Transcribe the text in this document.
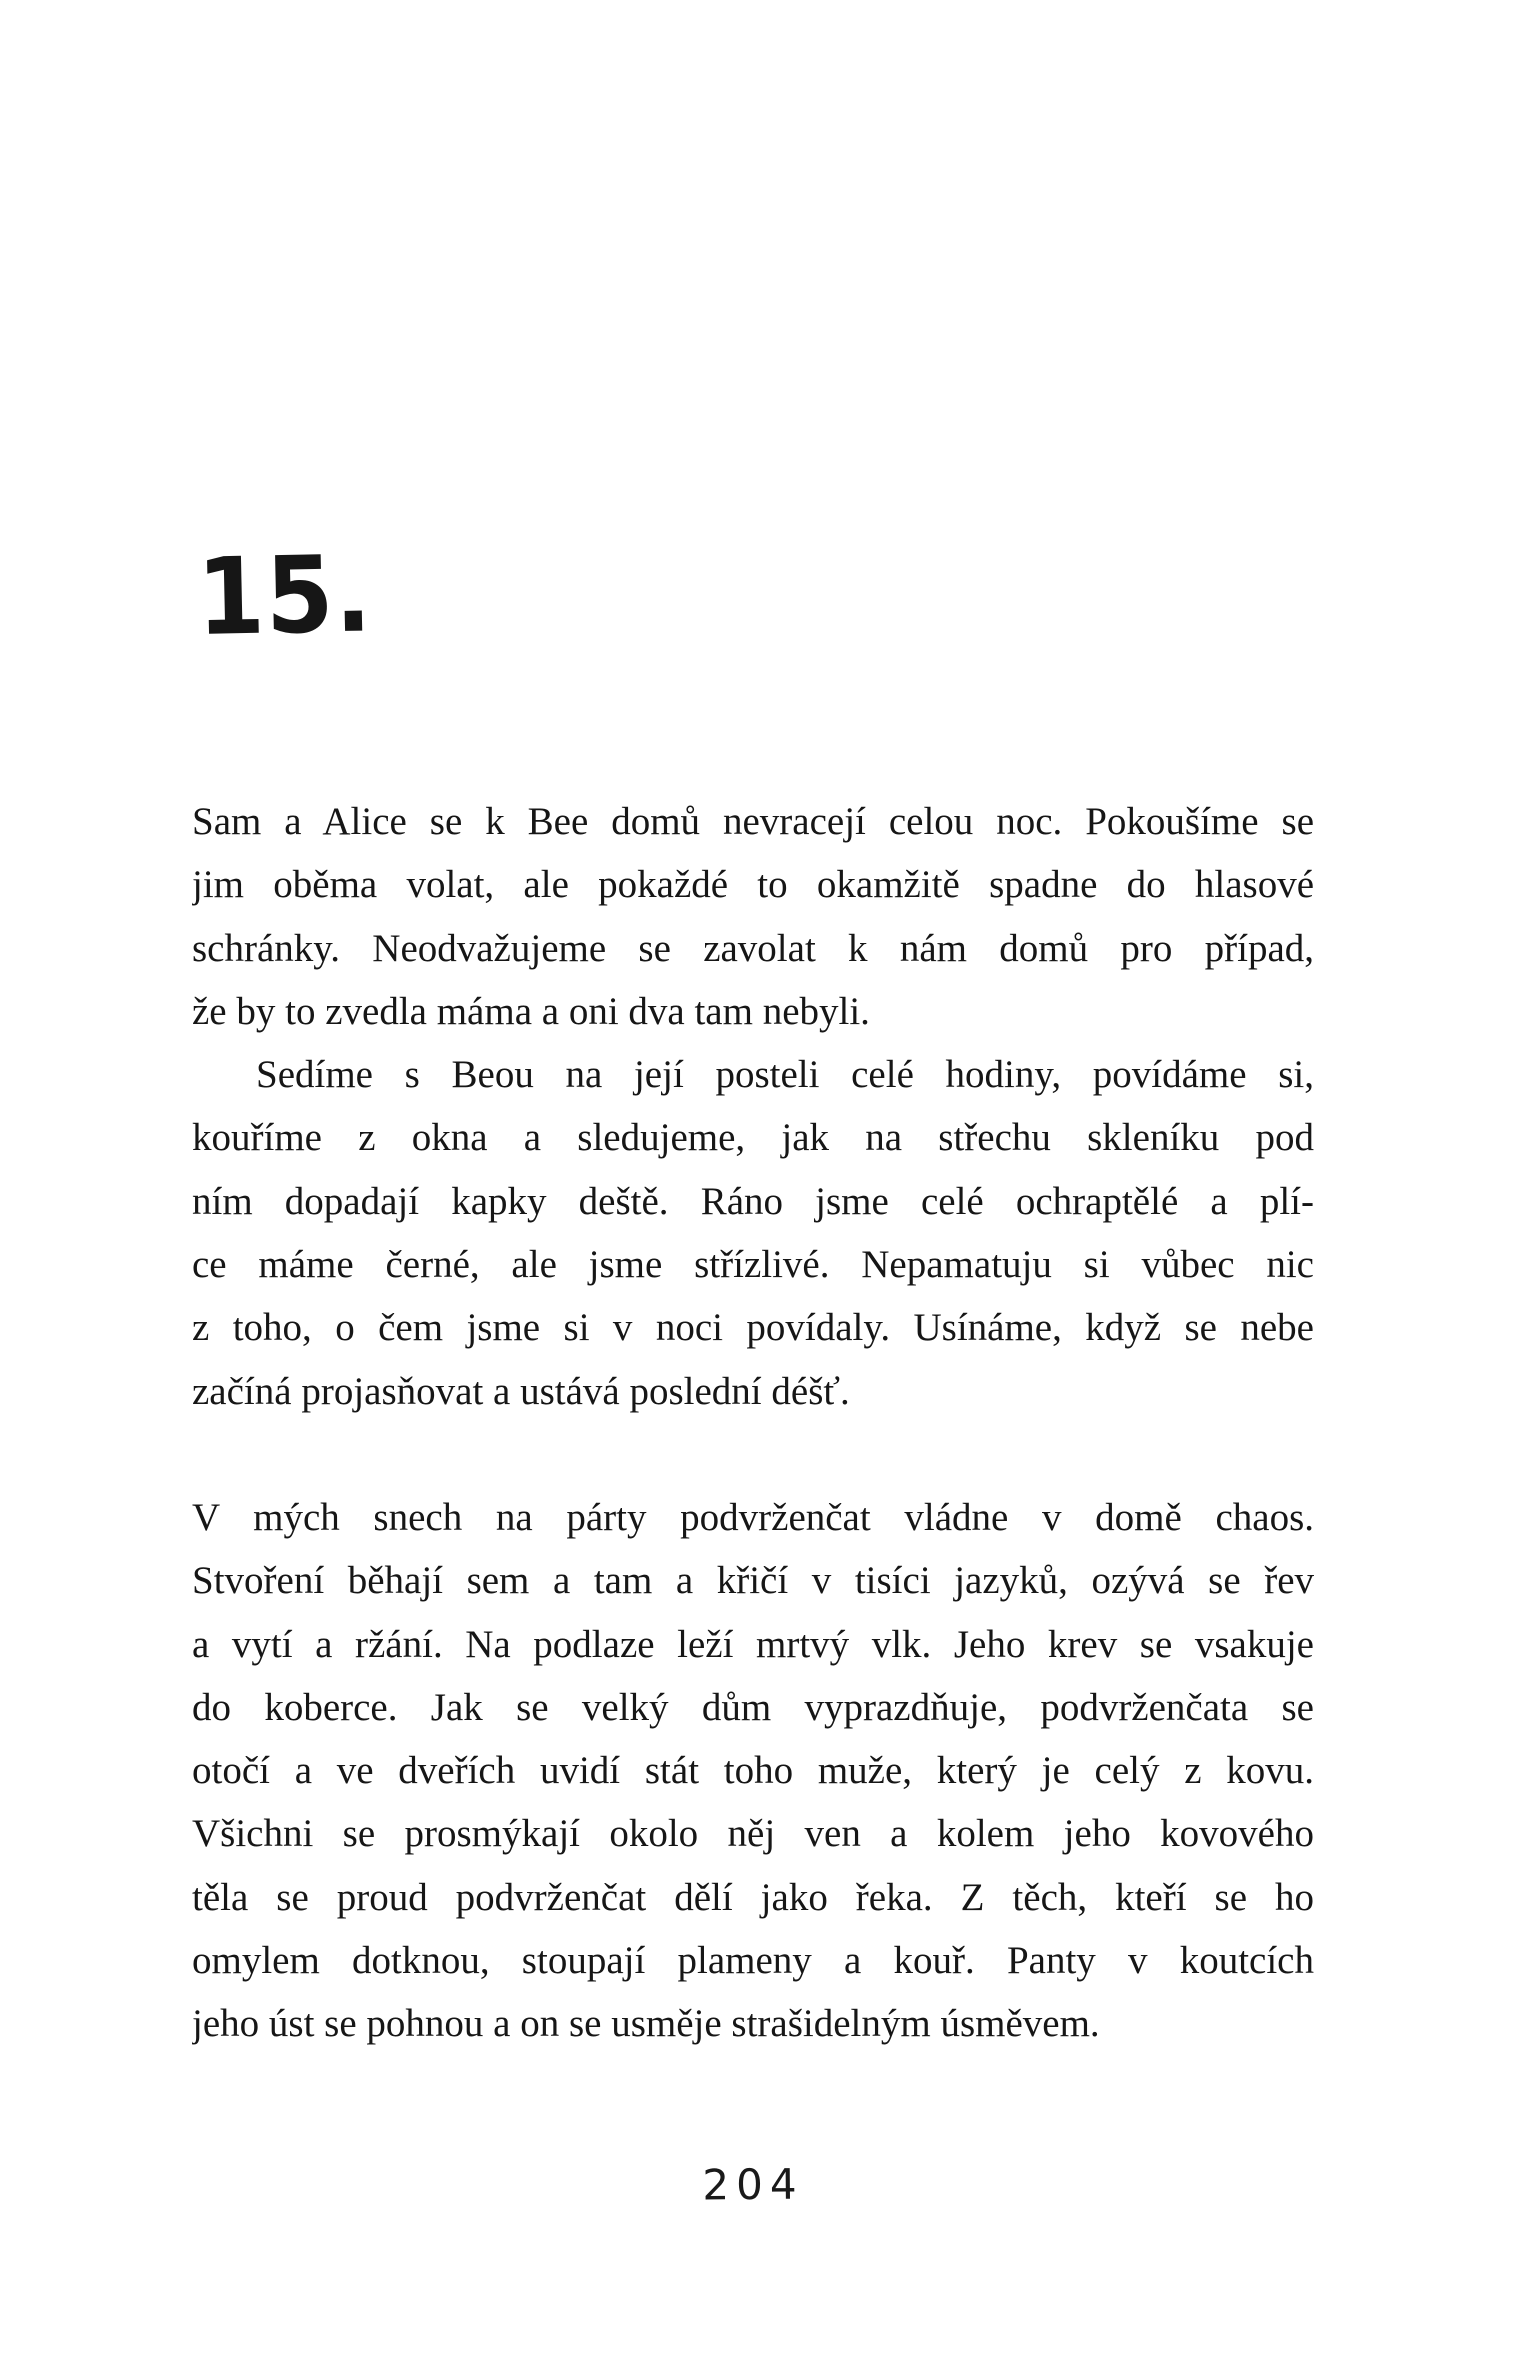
15.
Sam a Alice se k Bee domů nevracejí celou noc. Pokoušíme se
jim oběma volat, ale pokaždé to okamžitě spadne do hlasové
schránky. Neodvažujeme se zavolat k nám domů pro případ,
že by to zvedla máma a oni dva tam nebyli.
Sedíme s Beou na její posteli celé hodiny, povídáme si,
kouříme z okna a sledujeme, jak na střechu skleníku pod
ním dopadají kapky deště. Ráno jsme celé ochraptělé a plí-
ce máme černé, ale jsme střízlivé. Nepamatuju si vůbec nic
z toho, o čem jsme si v noci povídaly. Usínáme, když se nebe
začíná projasňovat a ustává poslední déšť.
V mých snech na párty podvrženčat vládne v domě chaos.
Stvoření běhají sem a tam a křičí v tisíci jazyků, ozývá se řev
a vytí a ržání. Na podlaze leží mrtvý vlk. Jeho krev se vsakuje
do koberce. Jak se velký dům vyprazdňuje, podvrženčata se
otočí a ve dveřích uvidí stát toho muže, který je celý z kovu.
Všichni se prosmýkají okolo něj ven a kolem jeho kovového
těla se proud podvrženčat dělí jako řeka. Z těch, kteří se ho
omylem dotknou, stoupají plameny a kouř. Panty v koutcích
jeho úst se pohnou a on se usměje strašidelným úsměvem.
204
